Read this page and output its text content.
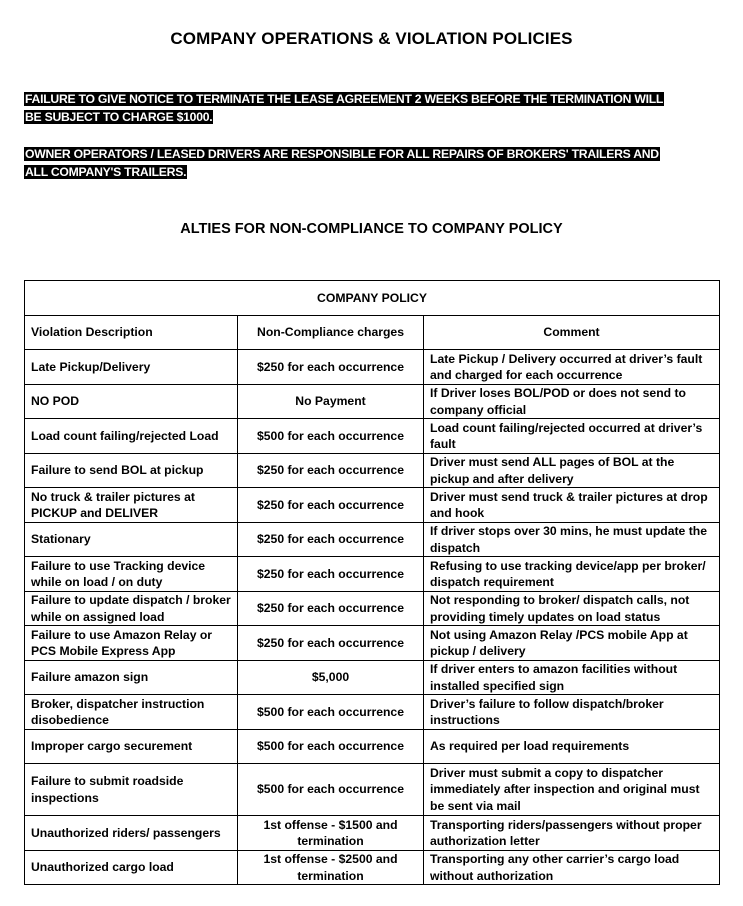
COMPANY OPERATIONS & VIOLATION POLICIES
FAILURE TO GIVE NOTICE TO TERMINATE THE LEASE AGREEMENT 2 WEEKS BEFORE THE TERMINATION WILL BE SUBJECT TO CHARGE $1000.
OWNER OPERATORS / LEASED DRIVERS ARE RESPONSIBLE FOR ALL REPAIRS OF BROKERS' TRAILERS AND ALL COMPANY'S TRAILERS.
ALTIES FOR NON-COMPLIANCE TO COMPANY POLICY
COMPANY POLICY		
Violation Description	Non-Compliance charges	Comment
Late Pickup/Delivery	$250 for each occurrence	Late Pickup / Delivery occurred at driver’s fault and charged for each occurrence
NO POD	No Payment	If Driver loses BOL/POD or does not send to company official
Load count failing/rejected Load	$500 for each occurrence	Load count failing/rejected occurred at driver’s fault
Failure to send BOL at pickup	$250 for each occurrence	Driver must send ALL pages of BOL at the pickup and after delivery
No truck & trailer pictures at PICKUP and DELIVER	$250 for each occurrence	Driver must send truck & trailer pictures at drop and hook
Stationary	$250 for each occurrence	If driver stops over 30 mins, he must update the dispatch
Failure to use Tracking device while on load / on duty	$250 for each occurrence	Refusing to use tracking device/app per broker/ dispatch requirement
Failure to update dispatch / broker while on assigned load	$250 for each occurrence	Not responding to broker/ dispatch calls, not providing timely updates on load status
Failure to use Amazon Relay or PCS Mobile Express App	$250 for each occurrence	Not using Amazon Relay /PCS mobile App at pickup / delivery
Failure amazon sign	$5,000	If driver enters to amazon facilities without installed specified sign
Broker, dispatcher instruction disobedience	$500 for each occurrence	Driver’s failure to follow dispatch/broker instructions
Improper cargo securement	$500 for each occurrence	As required per load requirements
Failure to submit roadside inspections	$500 for each occurrence	Driver must submit a copy to dispatcher immediately after inspection and original must be sent via mail
Unauthorized riders/ passengers	1st offense - $1500 and termination	Transporting riders/passengers without proper authorization letter
Unauthorized cargo load	1st offense - $2500 and termination	Transporting any other carrier’s cargo load without authorization
